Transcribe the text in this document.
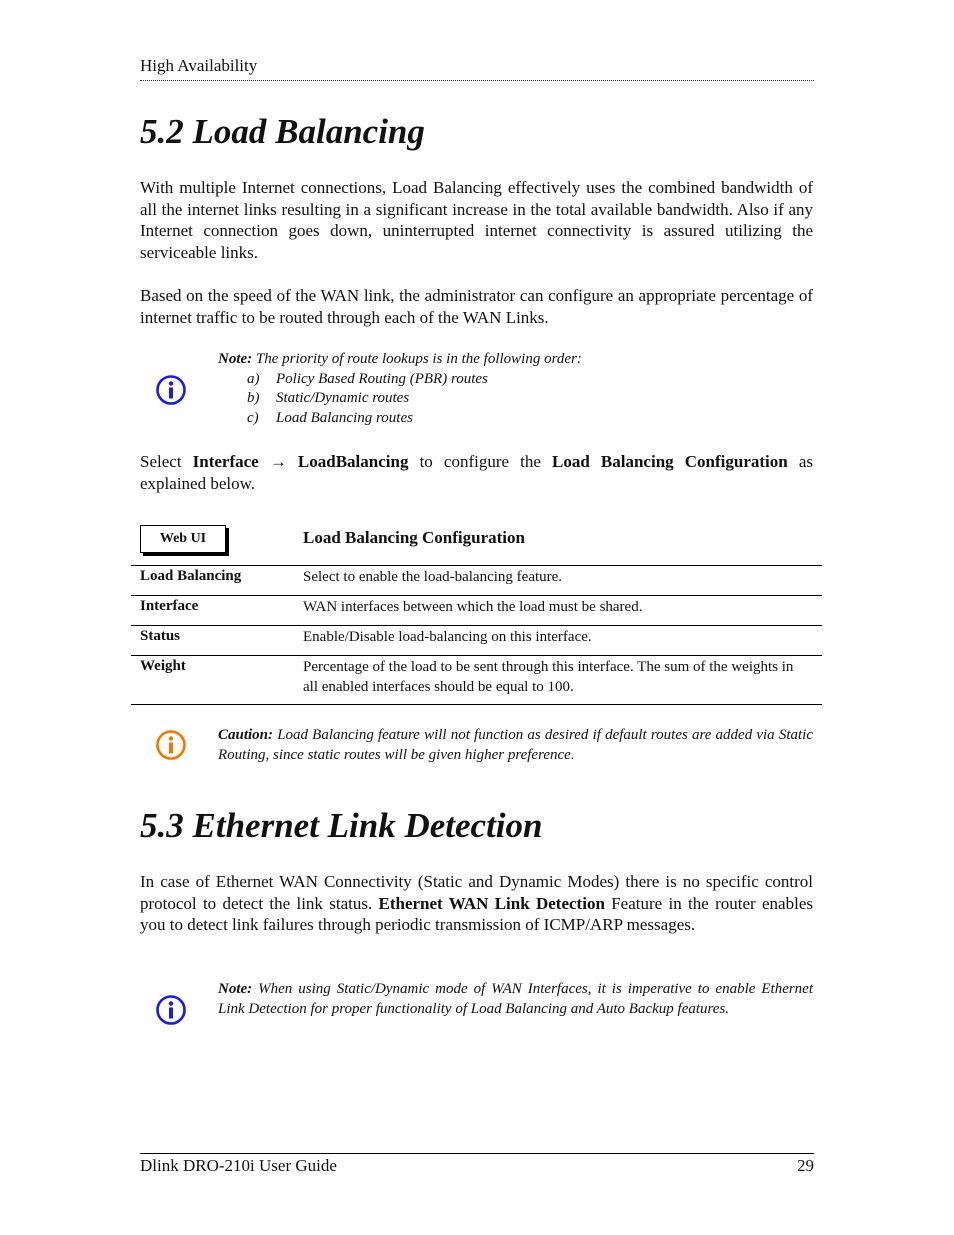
High Availability
5.2 Load Balancing
With multiple Internet connections, Load Balancing effectively uses the combined bandwidth of all the internet links resulting in a significant increase in the total available bandwidth. Also if any Internet connection goes down, uninterrupted internet connectivity is assured utilizing the serviceable links.
Based on the speed of the WAN link, the administrator can configure an appropriate percentage of internet traffic to be routed through each of the WAN Links.
Note: The priority of route lookups is in the following order:
a) Policy Based Routing (PBR) routes
b) Static/Dynamic routes
c) Load Balancing routes
Select Interface → LoadBalancing to configure the Load Balancing Configuration as explained below.
Web UI	Load Balancing Configuration
Load Balancing	Select to enable the load-balancing feature.
Interface	WAN interfaces between which the load must be shared.
Status	Enable/Disable load-balancing on this interface.
Weight	Percentage of the load to be sent through this interface. The sum of the weights in all enabled interfaces should be equal to 100.
Caution: Load Balancing feature will not function as desired if default routes are added via Static Routing, since static routes will be given higher preference.
5.3 Ethernet Link Detection
In case of Ethernet WAN Connectivity (Static and Dynamic Modes) there is no specific control protocol to detect the link status. Ethernet WAN Link Detection Feature in the router enables you to detect link failures through periodic transmission of ICMP/ARP messages.
Note: When using Static/Dynamic mode of WAN Interfaces, it is imperative to enable Ethernet Link Detection for proper functionality of Load Balancing and Auto Backup features.
Dlink DRO-210i User Guide	29
